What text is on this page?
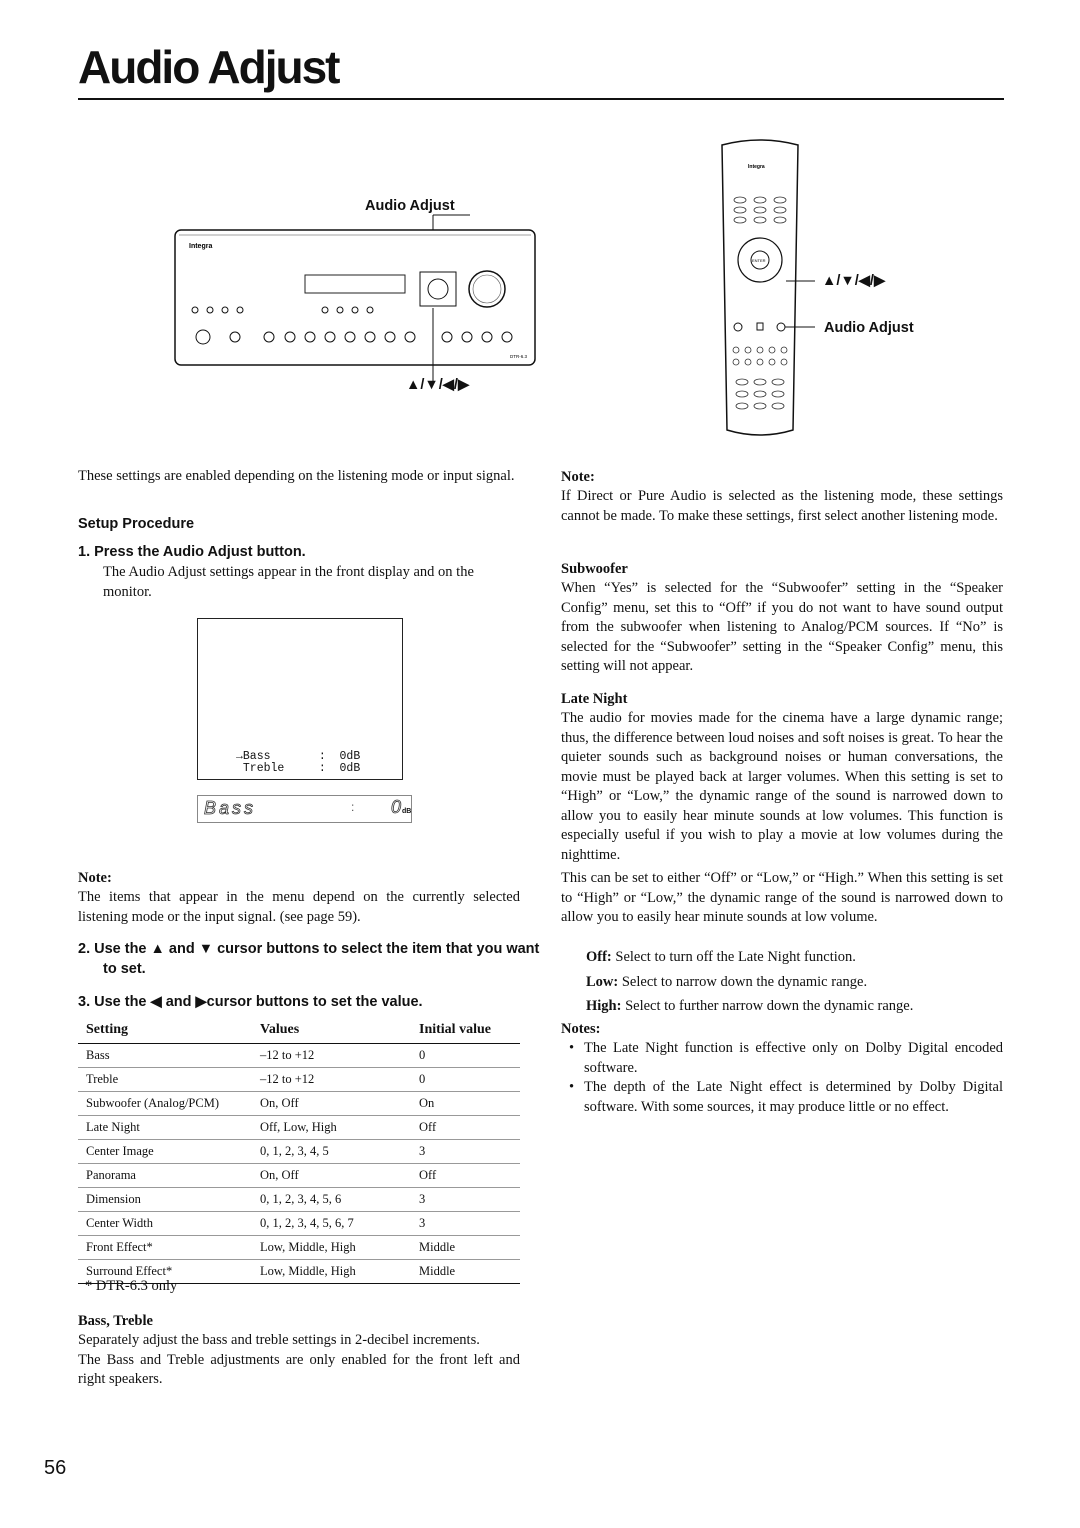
Audio Adjust
Audio Adjust
Integra
DTR-6.3
▲/▼/◀/▶
Integra
ENTER
▲/▼/◀/▶
Audio Adjust

These settings are enabled depending on the listening mode or input signal.

Setup Procedure
1. Press the Audio Adjust button.

The Audio Adjust settings appear in the front display and on the monitor.

→Bass       :  0dB
Treble     :  0dB
Bass	: 0 dB
Note:

The items that appear in the menu depend on the currently selected listening mode or the input signal. (see page 59).

2. Use the ▲ and ▼ cursor buttons to select the item that you want to set.
3. Use the ◀ and ▶cursor buttons to set the value.
Setting	Values	Initial value
Bass	–12 to +12	0
Treble	–12 to +12	0
Subwoofer (Analog/PCM)	On, Off	On
Late Night	Off, Low, High	Off
Center Image	0, 1, 2, 3, 4, 5	3
Panorama	On, Off	Off
Dimension	0, 1, 2, 3, 4, 5, 6	3
Center Width	0, 1, 2, 3, 4, 5, 6, 7	3
Front Effect*	Low, Middle, High	Middle
Surround Effect*	Low, Middle, High	Middle
* DTR-6.3 only
Bass, Treble

Separately adjust the bass and treble settings in 2-decibel increments.

The Bass and Treble adjustments are only enabled for the front left and right speakers.

Note:

If Direct or Pure Audio is selected as the listening mode, these settings cannot be made. To make these settings, first select another listening mode.

Subwoofer

When “Yes” is selected for the “Subwoofer” setting in the “Speaker Config” menu, set this to “Off” if you do not want to have sound output from the subwoofer when listening to Analog/PCM sources. If “No” is selected for the “Subwoofer” setting in the “Speaker Config” menu, this setting will not appear.

Late Night

The audio for movies made for the cinema have a large dynamic range; thus, the difference between loud noises and soft noises is great. To hear the quieter sounds such as background noises or human conversations, the movie must be played back at larger volumes. When this setting is set to “High” or “Low,” the dynamic range of the sound is narrowed down to allow you to easily hear minute sounds at low volumes. This function is especially useful if you wish to play a movie at low volumes during the nighttime.

This can be set to either “Off” or “Low,” or “High.” When this setting is set to “High” or “Low,” the dynamic range of the sound is narrowed down to allow you to easily hear minute sounds at low volume.

Off: Select to turn off the Late Night function.

Low: Select to narrow down the dynamic range.

High: Select to further narrow down the dynamic range.

Notes:

• The Late Night function is effective only on Dolby Digital encoded software.

• The depth of the Late Night effect is determined by Dolby Digital software. With some sources, it may produce little or no effect.

56
